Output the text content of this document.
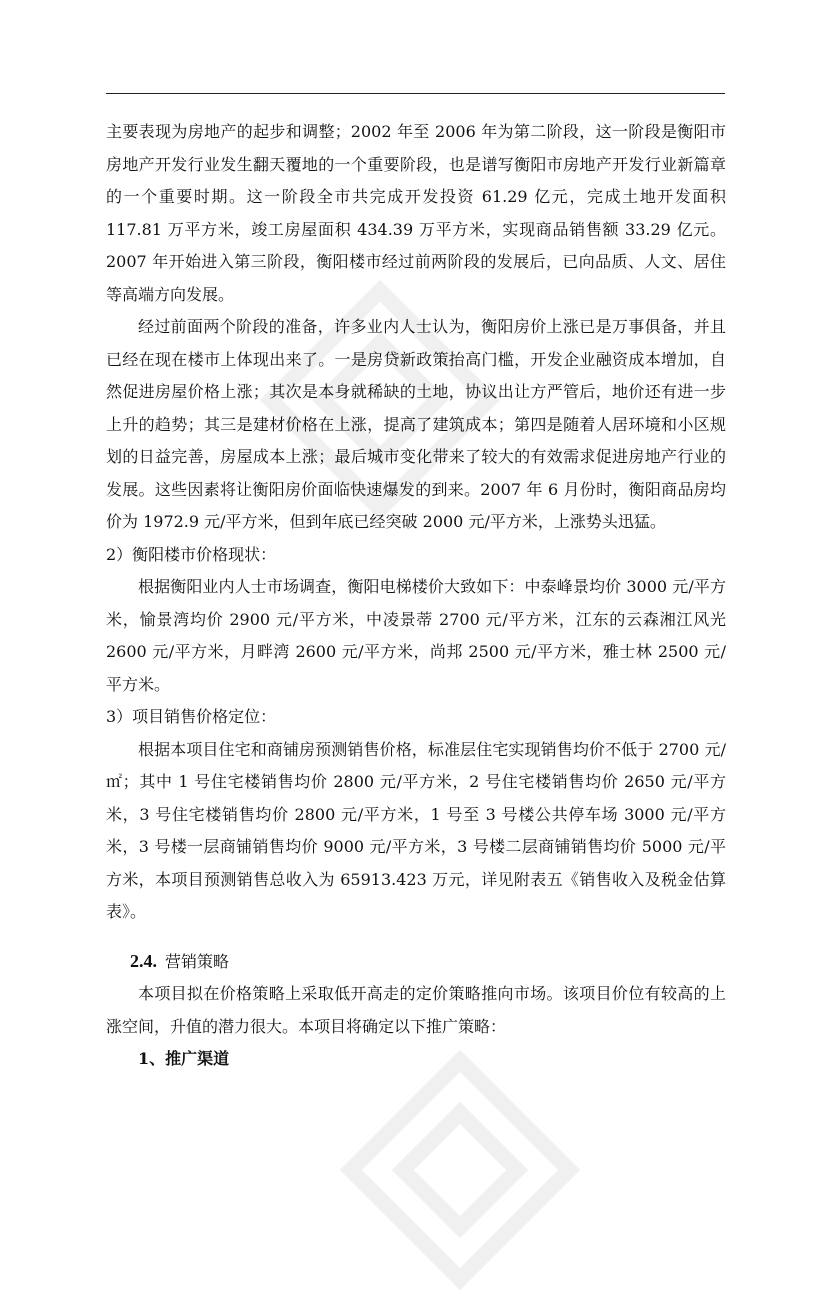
主要表现为房地产的起步和调整；2002 年至 2006 年为第二阶段，这一阶段是衡阳市房地产开发行业发生翻天覆地的一个重要阶段，也是谱写衡阳市房地产开发行业新篇章的一个重要时期。这一阶段全市共完成开发投资 61.29 亿元，完成土地开发面积 117.81 万平方米，竣工房屋面积 434.39 万平方米，实现商品销售额 33.29 亿元。2007 年开始进入第三阶段，衡阳楼市经过前两阶段的发展后，已向品质、人文、居住等高端方向发展。

经过前面两个阶段的准备，许多业内人士认为，衡阳房价上涨已是万事俱备，并且已经在现在楼市上体现出来了。一是房贷新政策抬高门槛，开发企业融资成本增加，自然促进房屋价格上涨；其次是本身就稀缺的土地，协议出让方严管后，地价还有进一步上升的趋势；其三是建材价格在上涨，提高了建筑成本；第四是随着人居环境和小区规划的日益完善，房屋成本上涨；最后城市变化带来了较大的有效需求促进房地产行业的发展。这些因素将让衡阳房价面临快速爆发的到来。2007 年 6 月份时，衡阳商品房均价为 1972.9 元/平方米，但到年底已经突破 2000 元/平方米，上涨势头迅猛。

2）衡阳楼市价格现状：

根据衡阳业内人士市场调查，衡阳电梯楼价大致如下：中泰峰景均价 3000 元/平方米，愉景湾均价 2900 元/平方米，中凌景蒂 2700 元/平方米，江东的云森湘江风光 2600 元/平方米，月畔湾 2600 元/平方米，尚邦 2500 元/平方米，雅士林 2500 元/平方米。

3）项目销售价格定位：

根据本项目住宅和商铺房预测销售价格，标准层住宅实现销售均价不低于 2700 元/㎡；其中 1 号住宅楼销售均价 2800 元/平方米，2 号住宅楼销售均价 2650 元/平方米，3 号住宅楼销售均价 2800 元/平方米，1 号至 3 号楼公共停车场 3000 元/平方米，3 号楼一层商铺销售均价 9000 元/平方米，3 号楼二层商铺销售均价 5000 元/平方米，本项目预测销售总收入为 65913.423 万元，详见附表五《销售收入及税金估算表》。

2.4. 营销策略

本项目拟在价格策略上采取低开高走的定价策略推向市场。该项目价位有较高的上涨空间，升值的潜力很大。本项目将确定以下推广策略：

1、推广渠道
